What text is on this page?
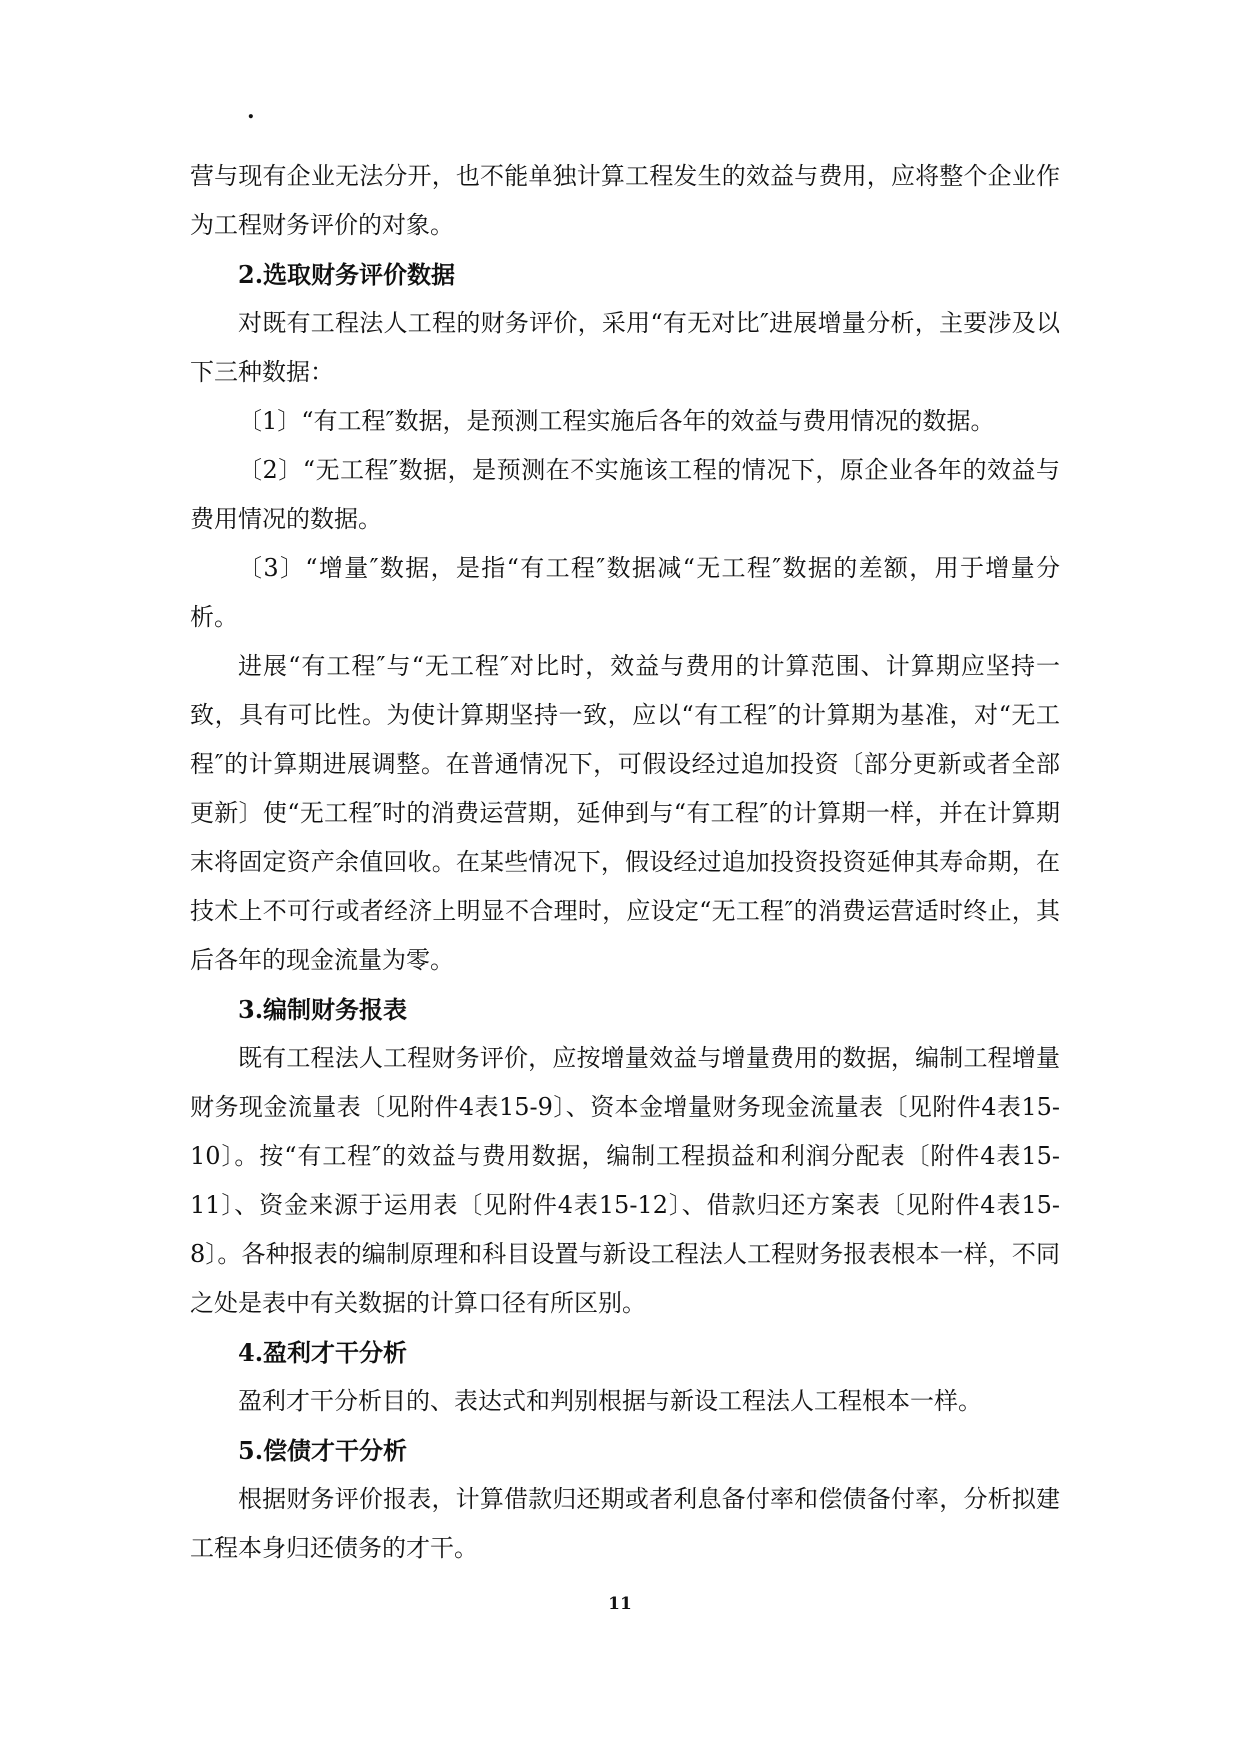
.

营与现有企业无法分开，也不能单独计算工程发生的效益与费用，应将整个企业作为工程财务评价的对象。

2.选取财务评价数据

对既有工程法人工程的财务评价，采用“有无对比″进展增量分析，主要涉及以下三种数据：

〔1〕“有工程″数据，是预测工程实施后各年的效益与费用情况的数据。

〔2〕“无工程″数据，是预测在不实施该工程的情况下，原企业各年的效益与费用情况的数据。

〔3〕“增量″数据，是指“有工程″数据减“无工程″数据的差额，用于增量分析。

进展“有工程″与“无工程″对比时，效益与费用的计算范围、计算期应坚持一致，具有可比性。为使计算期坚持一致，应以“有工程″的计算期为基准，对“无工程″的计算期进展调整。在普通情况下，可假设经过追加投资〔部分更新或者全部更新〕使“无工程″时的消费运营期，延伸到与“有工程″的计算期一样，并在计算期末将固定资产余值回收。在某些情况下，假设经过追加投资投资延伸其寿命期，在技术上不可行或者经济上明显不合理时，应设定“无工程″的消费运营适时终止，其后各年的现金流量为零。

3.编制财务报表

既有工程法人工程财务评价，应按增量效益与增量费用的数据，编制工程增量财务现金流量表〔见附件4表15-9〕、资本金增量财务现金流量表〔见附件4表15-10〕。按“有工程″的效益与费用数据，编制工程损益和利润分配表〔附件4表15-11〕、资金来源于运用表〔见附件4表15-12〕、借款归还方案表〔见附件4表15-8〕。各种报表的编制原理和科目设置与新设工程法人工程财务报表根本一样，不同之处是表中有关数据的计算口径有所区别。

4.盈利才干分析

盈利才干分析目的、表达式和判别根据与新设工程法人工程根本一样。

5.偿债才干分析

根据财务评价报表，计算借款归还期或者利息备付率和偿债备付率，分析拟建工程本身归还债务的才干。

11
